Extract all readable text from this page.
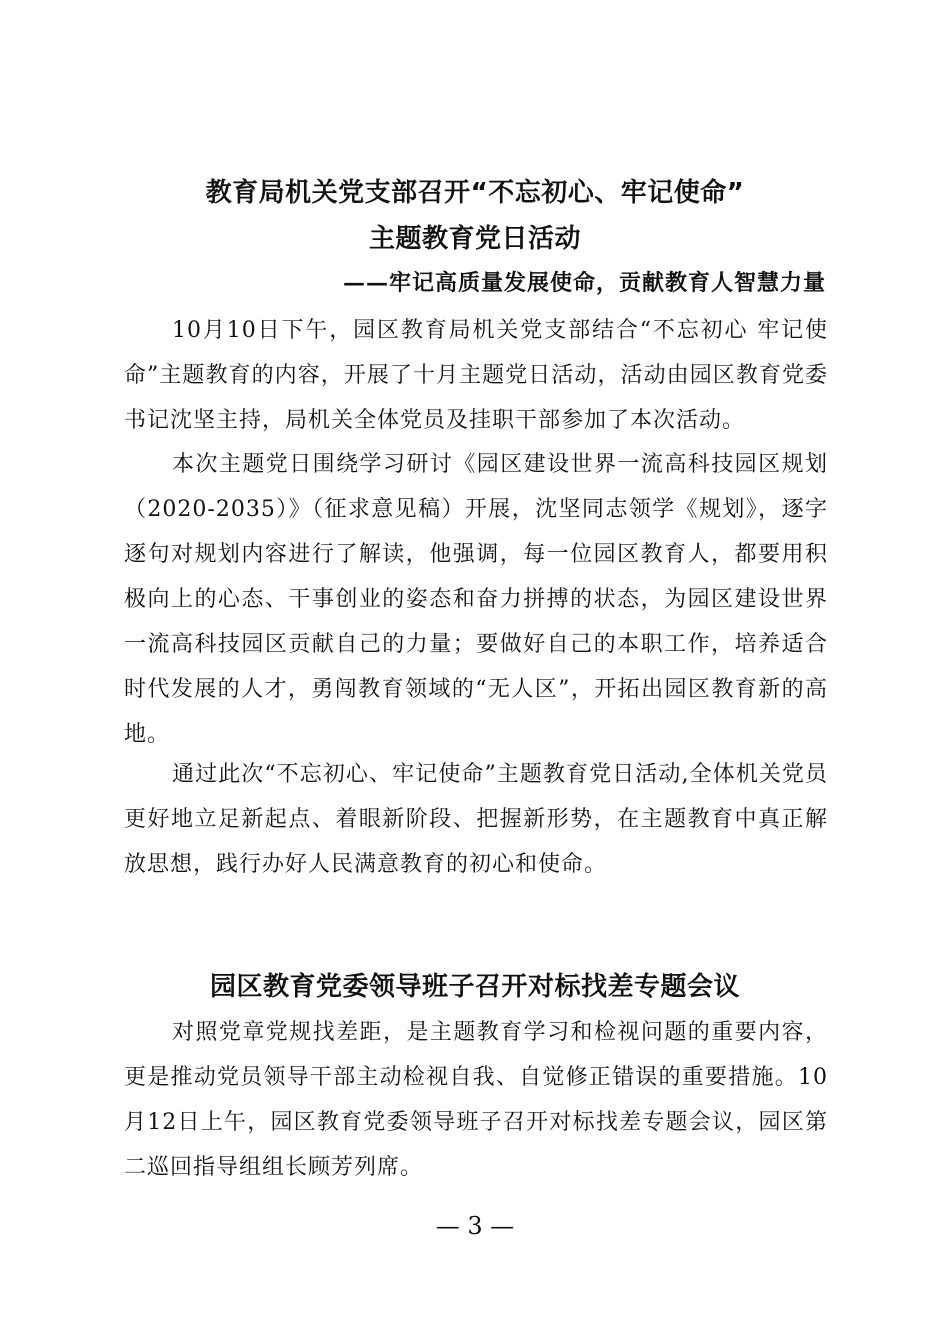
教育局机关党支部召开“不忘初心、牢记使命”
主题教育党日活动

——牢记高质量发展使命，贡献教育人智慧力量

10月10日下午，园区教育局机关党支部结合“不忘初心 牢记使命”主题教育的内容，开展了十月主题党日活动，活动由园区教育党委书记沈坚主持，局机关全体党员及挂职干部参加了本次活动。

本次主题党日围绕学习研讨《园区建设世界一流高科技园区规划（2020-2035）》（征求意见稿）开展，沈坚同志领学《规划》，逐字逐句对规划内容进行了解读，他强调，每一位园区教育人，都要用积极向上的心态、干事创业的姿态和奋力拼搏的状态，为园区建设世界一流高科技园区贡献自己的力量；要做好自己的本职工作，培养适合时代发展的人才，勇闯教育领域的“无人区”，开拓出园区教育新的高地。

通过此次“不忘初心、牢记使命”主题教育党日活动,全体机关党员更好地立足新起点、着眼新阶段、把握新形势，在主题教育中真正解放思想，践行办好人民满意教育的初心和使命。

园区教育党委领导班子召开对标找差专题会议

对照党章党规找差距，是主题教育学习和检视问题的重要内容，更是推动党员领导干部主动检视自我、自觉修正错误的重要措施。10月12日上午，园区教育党委领导班子召开对标找差专题会议，园区第二巡回指导组组长顾芳列席。

— 3 —
